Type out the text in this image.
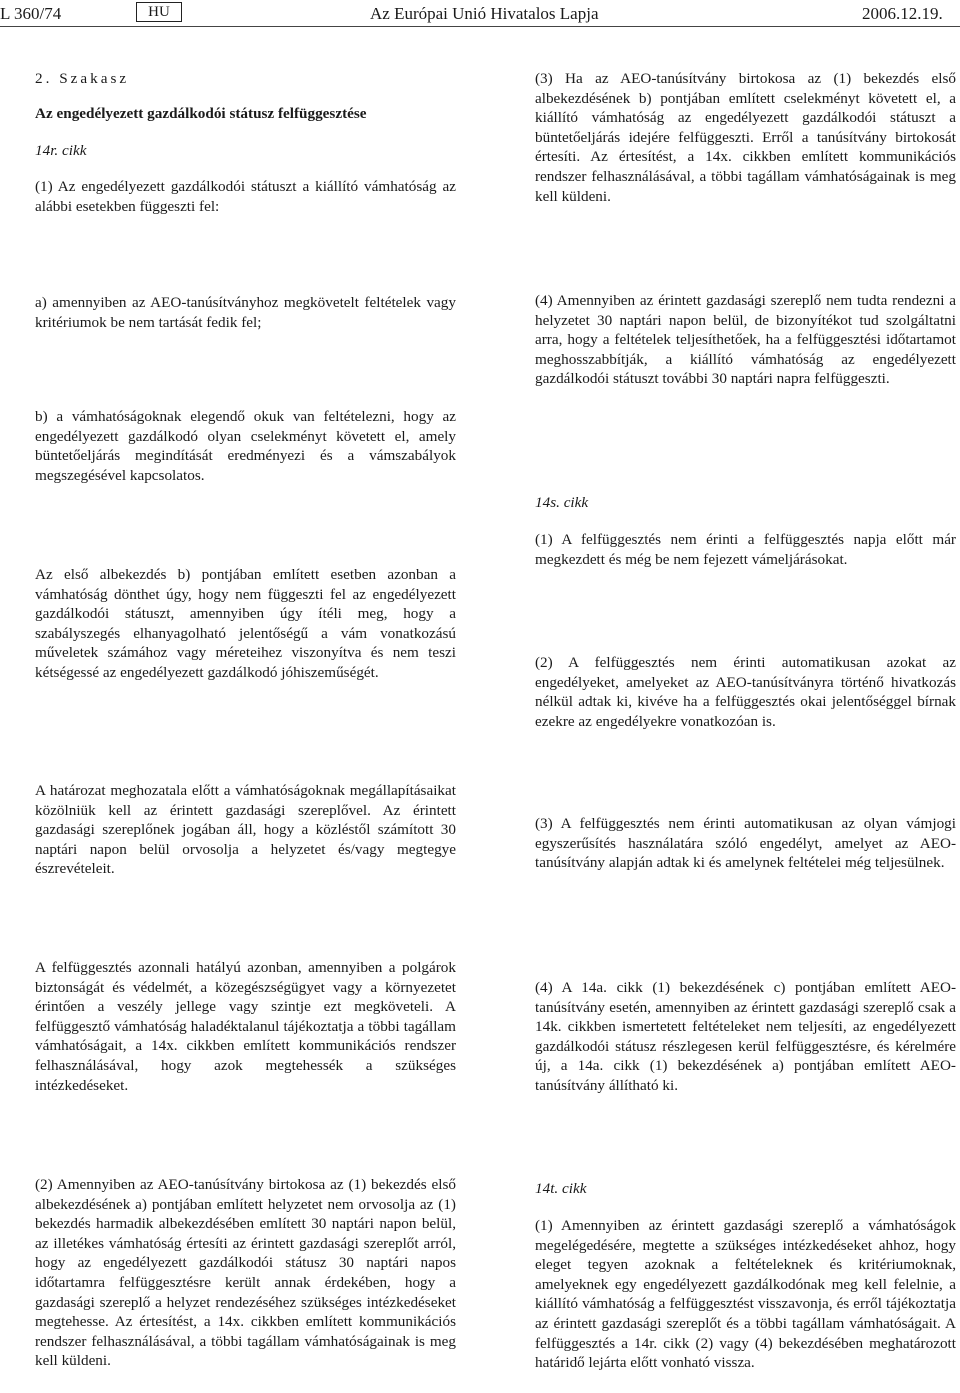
L 360/74	HU	Az Európai Unió Hivatalos Lapja	2006.12.19.

2. Szakasz

Az engedélyezett gazdálkodói státusz felfüggesztése

14r. cikk

(1) Az engedélyezett gazdálkodói státuszt a kiállító vámhatóság az alábbi esetekben függeszti fel:

a) amennyiben az AEO-tanúsítványhoz megkövetelt feltételek vagy kritériumok be nem tartását fedik fel;

b) a vámhatóságoknak elegendő okuk van feltételezni, hogy az engedélyezett gazdálkodó olyan cselekményt követett el, amely büntetőeljárás megindítását eredményezi és a vámszabályok megszegésével kapcsolatos.

Az első albekezdés b) pontjában említett esetben azonban a vámhatóság dönthet úgy, hogy nem függeszti fel az engedélyezett gazdálkodói státuszt, amennyiben úgy ítéli meg, hogy a szabályszegés elhanyagolható jelentőségű a vám vonatkozású műveletek számához vagy méreteihez viszonyítva és nem teszi kétségessé az engedélyezett gazdálkodó jóhiszeműségét.

A határozat meghozatala előtt a vámhatóságoknak megállapításaikat közölniük kell az érintett gazdasági szereplővel. Az érintett gazdasági szereplőnek jogában áll, hogy a közléstől számított 30 naptári napon belül orvosolja a helyzetet és/vagy megtegye észrevételeit.

A felfüggesztés azonnali hatályú azonban, amennyiben a polgárok biztonságát és védelmét, a közegészségügyet vagy a környezetet érintően a veszély jellege vagy szintje ezt megköveteli. A felfüggesztő vámhatóság haladéktalanul tájékoztatja a többi tagállam vámhatóságait, a 14x. cikkben említett kommunikációs rendszer felhasználásával, hogy azok megtehessék a szükséges intézkedéseket.

(2) Amennyiben az AEO-tanúsítvány birtokosa az (1) bekezdés első albekezdésének a) pontjában említett helyzetet nem orvosolja az (1) bekezdés harmadik albekezdésében említett 30 naptári napon belül, az illetékes vámhatóság értesíti az érintett gazdasági szereplőt arról, hogy az engedélyezett gazdálkodói státusz 30 naptári napos időtartamra felfüggesztésre került annak érdekében, hogy a gazdasági szereplő a helyzet rendezéséhez szükséges intézkedéseket megtehesse. Az értesítést, a 14x. cikkben említett kommunikációs rendszer felhasználásával, a többi tagállam vámhatóságainak is meg kell küldeni.

(3) Ha az AEO-tanúsítvány birtokosa az (1) bekezdés első albekezdésének b) pontjában említett cselekményt követett el, a kiállító vámhatóság az engedélyezett gazdálkodói státuszt a büntetőeljárás idejére felfüggeszti. Erről a tanúsítvány birtokosát értesíti. Az értesítést, a 14x. cikkben említett kommunikációs rendszer felhasználásával, a többi tagállam vámhatóságainak is meg kell küldeni.

(4) Amennyiben az érintett gazdasági szereplő nem tudta rendezni a helyzetet 30 naptári napon belül, de bizonyítékot tud szolgáltatni arra, hogy a feltételek teljesíthetőek, ha a felfüggesztési időtartamot meghosszabbítják, a kiállító vámhatóság az engedélyezett gazdálkodói státuszt további 30 naptári napra felfüggeszti.

14s. cikk

(1) A felfüggesztés nem érinti a felfüggesztés napja előtt már megkezdett és még be nem fejezett vámeljárásokat.

(2) A felfüggesztés nem érinti automatikusan azokat az engedélyeket, amelyeket az AEO-tanúsítványra történő hivatkozás nélkül adtak ki, kivéve ha a felfüggesztés okai jelentőséggel bírnak ezekre az engedélyekre vonatkozóan is.

(3) A felfüggesztés nem érinti automatikusan az olyan vámjogi egyszerűsítés használatára szóló engedélyt, amelyet az AEO-tanúsítvány alapján adtak ki és amelynek feltételei még teljesülnek.

(4) A 14a. cikk (1) bekezdésének c) pontjában említett AEO-tanúsítvány esetén, amennyiben az érintett gazdasági szereplő csak a 14k. cikkben ismertetett feltételeket nem teljesíti, az engedélyezett gazdálkodói státusz részlegesen kerül felfüggesztésre, és kérelmére új, a 14a. cikk (1) bekezdésének a) pontjában említett AEO-tanúsítvány állítható ki.

14t. cikk

(1) Amennyiben az érintett gazdasági szereplő a vámhatóságok megelégedésére, megtette a szükséges intézkedéseket ahhoz, hogy eleget tegyen azoknak a feltételeknek és kritériumoknak, amelyeknek egy engedélyezett gazdálkodónak meg kell felelnie, a kiállító vámhatóság a felfüggesztést visszavonja, és erről tájékoztatja az érintett gazdasági szereplőt és a többi tagállam vámhatóságait. A felfüggesztés a 14r. cikk (2) vagy (4) bekezdésében meghatározott határidő lejárta előtt vonható vissza.
